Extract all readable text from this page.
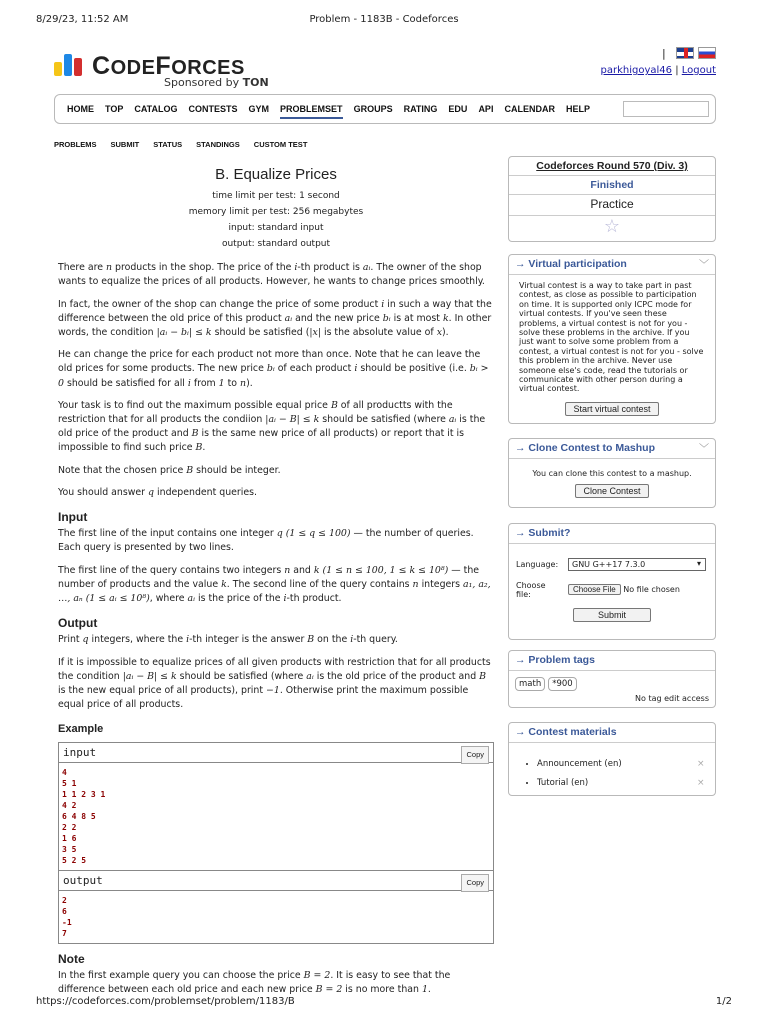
8/29/23, 11:52 AM	Problem - 1183B - Codeforces
CODEFORCES
Sponsored by TON
|
parkhigoyal46 | Logout
HOME TOP CATALOG CONTESTS GYM PROBLEMSET GROUPS RATING EDU API CALENDAR HELP
PROBLEMS SUBMIT STATUS STANDINGS CUSTOM TEST
B. Equalize Prices
time limit per test: 1 second
memory limit per test: 256 megabytes
input: standard input
output: standard output

There are n products in the shop. The price of the i-th product is aᵢ. The owner of the shop wants to equalize the prices of all products. However, he wants to change prices smoothly.

In fact, the owner of the shop can change the price of some product i in such a way that the difference between the old price of this product aᵢ and the new price bᵢ is at most k. In other words, the condition |aᵢ − bᵢ| ≤ k should be satisfied (|x| is the absolute value of x).

He can change the price for each product not more than once. Note that he can leave the old prices for some products. The new price bᵢ of each product i should be positive (i.e. bᵢ > 0 should be satisfied for all i from 1 to n).

Your task is to find out the maximum possible equal price B of all productts with the restriction that for all products the condiion |aᵢ − B| ≤ k should be satisfied (where aᵢ is the old price of the product and B is the same new price of all products) or report that it is impossible to find such price B.

Note that the chosen price B should be integer.

You should answer q independent queries.

Input

The first line of the input contains one integer q (1 ≤ q ≤ 100) — the number of queries. Each query is presented by two lines.

The first line of the query contains two integers n and k (1 ≤ n ≤ 100, 1 ≤ k ≤ 10⁸) — the number of products and the value k. The second line of the query contains n integers a₁, a₂, …, aₙ (1 ≤ aᵢ ≤ 10⁸), where aᵢ is the price of the i-th product.

Output

Print q integers, where the i-th integer is the answer B on the i-th query.

If it is impossible to equalize prices of all given products with restriction that for all products the condition |aᵢ − B| ≤ k should be satisfied (where aᵢ is the old price of the product and B is the new equal price of all products), print −1. Otherwise print the maximum possible equal price of all products.

Example
input	Copy
4
5 1
1 1 2 3 1
4 2
6 4 8 5
2 2
1 6
3 5
5 2 5
output	Copy
2
6
-1
7
Note

In the first example query you can choose the price B = 2. It is easy to see that the difference between each old price and each new price B = 2 is no more than 1.

Codeforces Round 570 (Div. 3)
Finished
Practice
☆
→ Virtual participation	﹀
Virtual contest is a way to take part in past contest, as close as possible to participation on time. It is supported only ICPC mode for virtual contests. If you've seen these problems, a virtual contest is not for you - solve these problems in the archive. If you just want to solve some problem from a contest, a virtual contest is not for you - solve this problem in the archive. Never use someone else's code, read the tutorials or communicate with other person during a virtual contest.
Start virtual contest
→ Clone Contest to Mashup	﹀
You can clone this contest to a mashup.
Clone Contest
→ Submit?
Language:	GNU G++17 7.3.0	▾
Choose file:
Choose File No file chosen
Submit
→ Problem tags
math *900
No tag edit access
→ Contest materials
• Announcement (en)	×
• Tutorial (en)	×
https://codeforces.com/problemset/problem/1183/B	1/2
